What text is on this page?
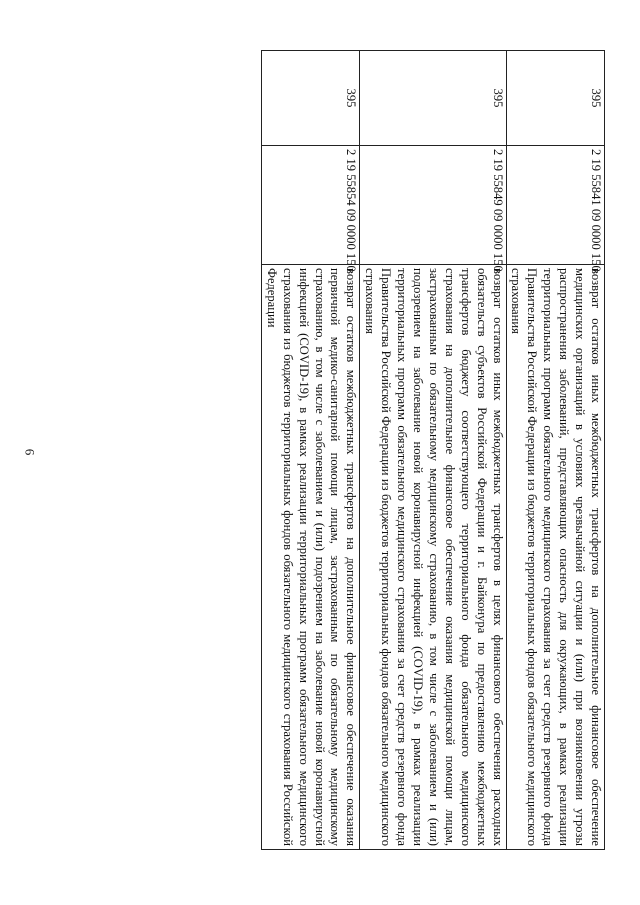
6
395	2 19 55841 09 0000 150	возврат остатков иных межбюджетных трансфертов на дополнительное финансовое обеспечение медицинских организаций в условиях чрезвычайной ситуации и (или) при возникновении угрозы распространения заболеваний, представляющих опасность для окружающих, в рамках реализации территориальных программ обязательного медицинского страхования за счет средств резервного фонда Правительства Российской Федерации из бюджетов территориальных фондов обязательного медицинского страхования
395	2 19 55849 09 0000 150	возврат остатков иных межбюджетных трансфертов в целях финансового обеспечения расходных обязательств субъектов Российской Федерации и г. Байконура по предоставлению межбюджетных трансфертов бюджету соответствующего территориального фонда обязательного медицинского страхования на дополнительное финансовое обеспечение оказания медицинской помощи лицам, застрахованным по обязательному медицинскому страхованию, в том числе с заболеванием и (или) подозрением на заболевание новой коронавирусной инфекцией (COVID-19), в рамках реализации территориальных программ обязательного медицинского страхования за счет средств резервного фонда Правительства Российской Федерации из бюджетов территориальных фондов обязательного медицинского страхования
395	2 19 55854 09 0000 150	возврат остатков межбюджетных трансфертов на дополнительное финансовое обеспечение оказания первичной медико-санитарной помощи лицам, застрахованным по обязательному медицинскому страхованию, в том числе с заболеванием и (или) подозрением на заболевание новой коронавирусной инфекцией (COVID-19), в рамках реализации территориальных программ обязательного медицинского страхования из бюджетов территориальных фондов обязательного медицинского страхования Российской Федерации
